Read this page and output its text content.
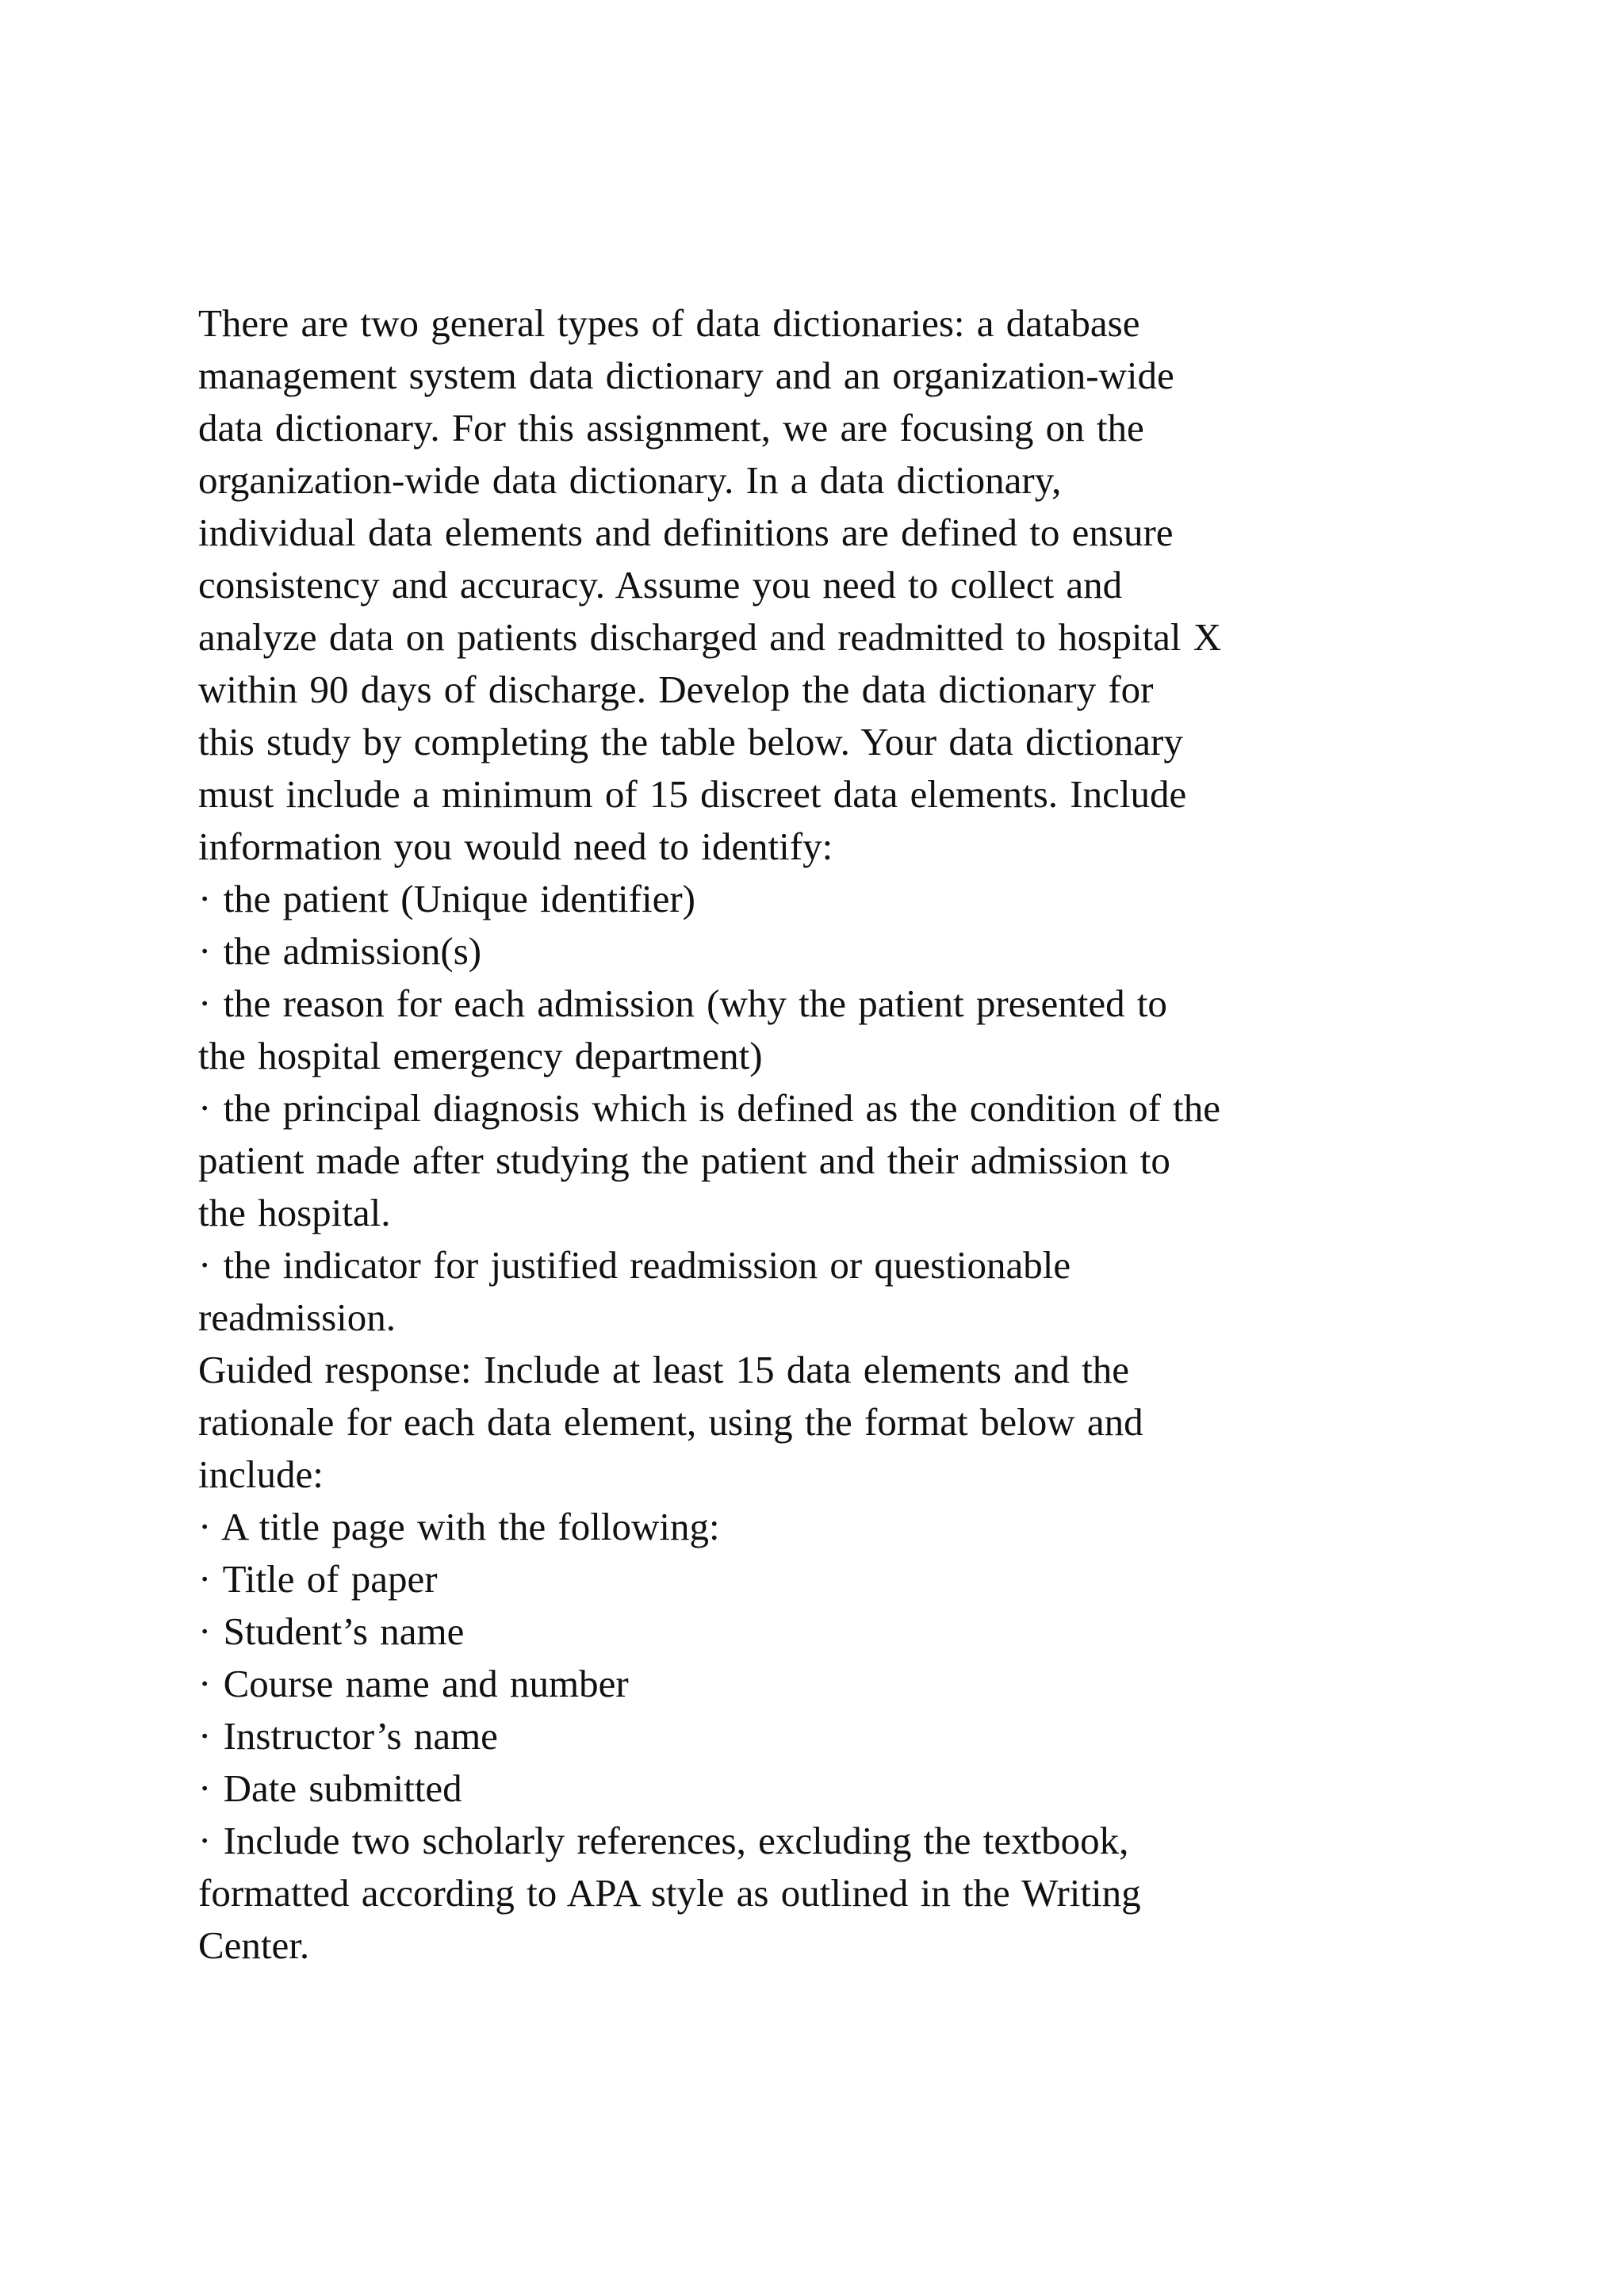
There are two general types of data dictionaries: a database
management system data dictionary and an organization-wide
data dictionary. For this assignment, we are focusing on the
organization-wide data dictionary. In a data dictionary,
individual data elements and definitions are defined to ensure
consistency and accuracy. Assume you need to collect and
analyze data on patients discharged and readmitted to hospital X
within 90 days of discharge. Develop the data dictionary for
this study by completing the table below. Your data dictionary
must include a minimum of 15 discreet data elements. Include
information you would need to identify:
· the patient (Unique identifier)
· the admission(s)
· the reason for each admission (why the patient presented to
the hospital emergency department)
· the principal diagnosis which is defined as the condition of the
patient made after studying the patient and their admission to
the hospital.
· the indicator for justified readmission or questionable
readmission.
Guided response: Include at least 15 data elements and the
rationale for each data element, using the format below and
include:
· A title page with the following:
· Title of paper
· Student’s name
· Course name and number
· Instructor’s name
· Date submitted
· Include two scholarly references, excluding the textbook,
formatted according to APA style as outlined in the Writing
Center.
